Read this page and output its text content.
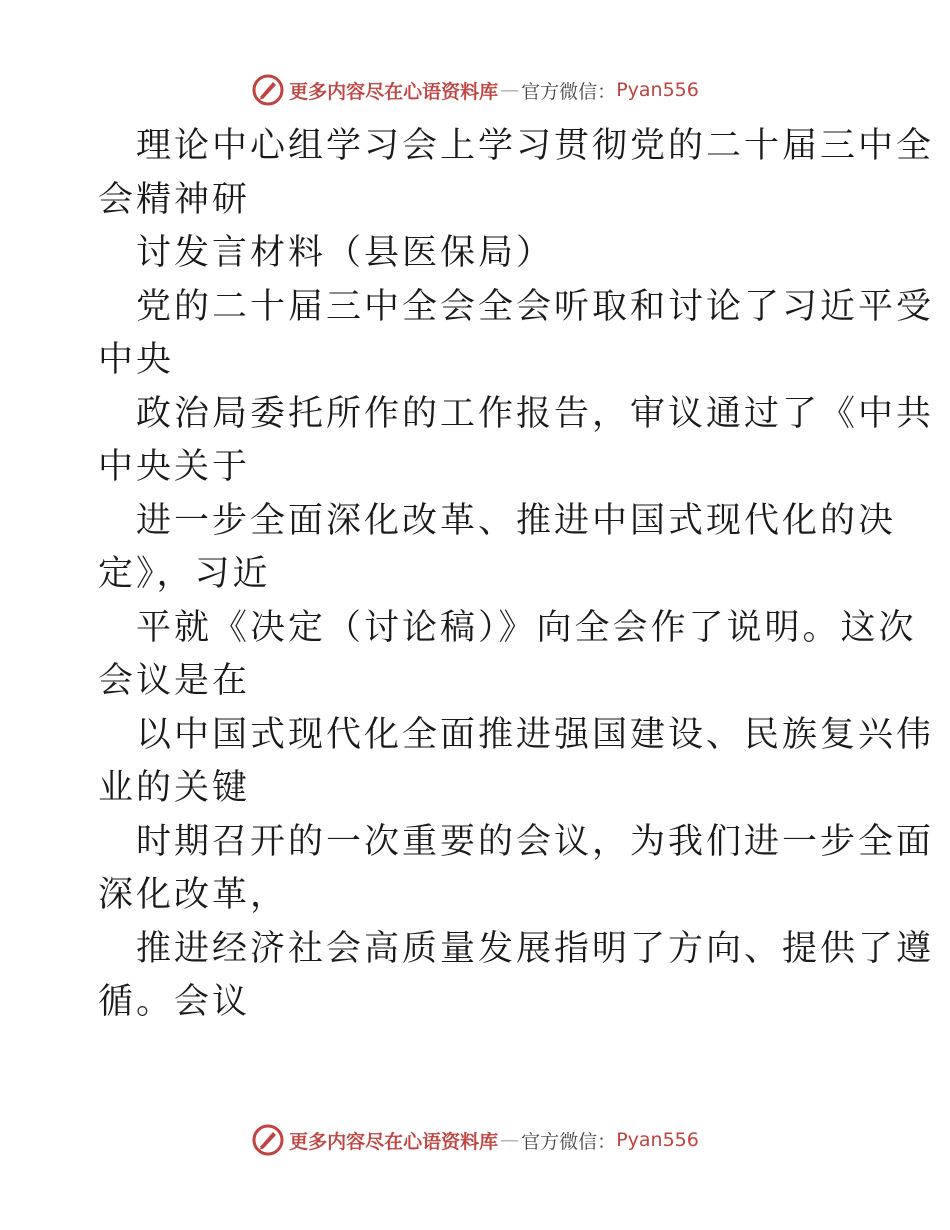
更多内容尽在心语资料库 — 官方微信： Pyan556
理论中心组学习会上学习贯彻党的二十届三中全
会精神研
讨发言材料（县医保局）
党的二十届三中全会全会听取和讨论了习近平受
中央
政治局委托所作的工作报告，审议通过了《中共
中央关于
进一步全面深化改革、推进中国式现代化的决
定》，习近
平就《决定（讨论稿）》向全会作了说明。这次
会议是在
以中国式现代化全面推进强国建设、民族复兴伟
业的关键
时期召开的一次重要的会议，为我们进一步全面
深化改革，
推进经济社会高质量发展指明了方向、提供了遵
循。会议
更多内容尽在心语资料库 — 官方微信： Pyan556
